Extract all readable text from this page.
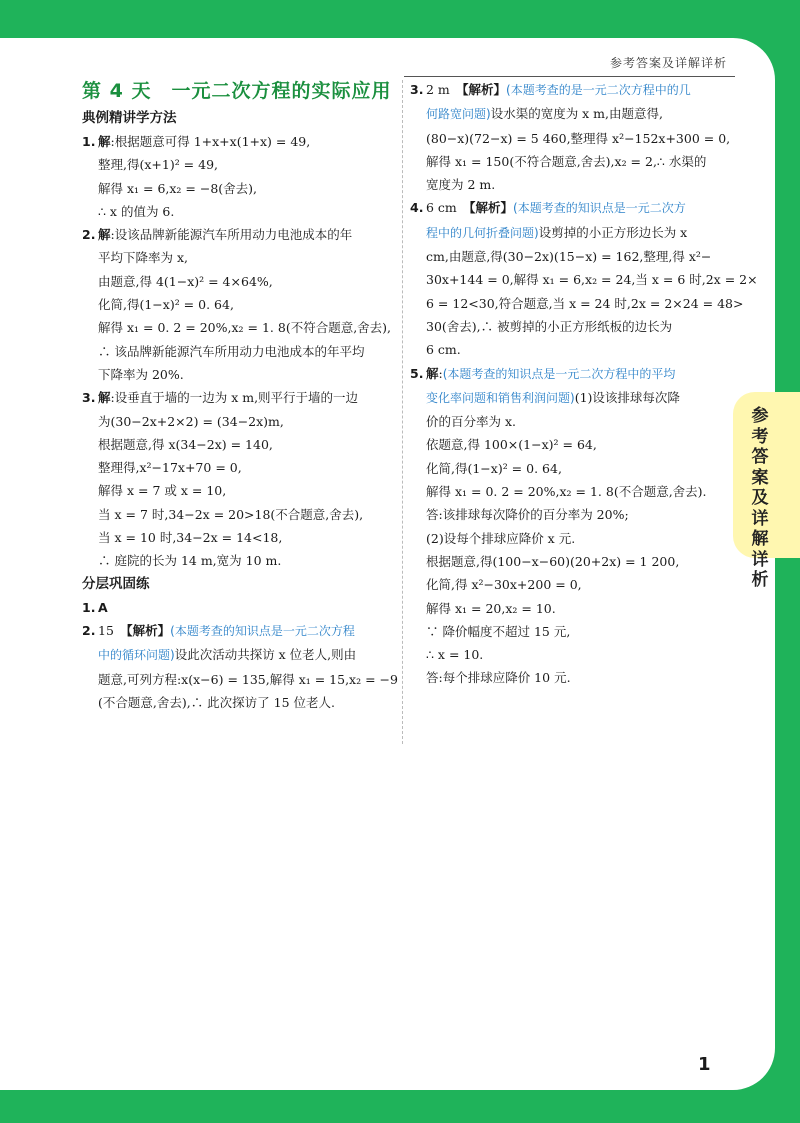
参考答案及详解详析
第 4 天　一元二次方程的实际应用
典例精讲学方法
1. 解:根据题意可得 1+x+x(1+x) = 49,
整理,得(x+1)² = 49,
解得 x₁ = 6,x₂ = −8(舍去),
∴ x 的值为 6.
2. 解:设该品牌新能源汽车所用动力电池成本的年
平均下降率为 x,
由题意,得 4(1−x)² = 4×64%,
化简,得(1−x)² = 0. 64,
解得 x₁ = 0. 2 = 20%,x₂ = 1. 8(不符合题意,舍去),
∴ 该品牌新能源汽车所用动力电池成本的年平均
下降率为 20%.
3. 解:设垂直于墙的一边为 x m,则平行于墙的一边
为(30−2x+2×2) = (34−2x)m,
根据题意,得 x(34−2x) = 140,
整理得,x²−17x+70 = 0,
解得 x = 7 或 x = 10,
当 x = 7 时,34−2x = 20>18(不合题意,舍去),
当 x = 10 时,34−2x = 14<18,
∴ 庭院的长为 14 m,宽为 10 m.
分层巩固练
1. A
2. 15　【解析】(本题考查的知识点是一元二次方程
中的循环问题)设此次活动共探访 x 位老人,则由
题意,可列方程:x(x−6) = 135,解得 x₁ = 15,x₂ = −9
(不合题意,舍去),∴ 此次探访了 15 位老人.
3. 2 m　【解析】(本题考查的是一元二次方程中的几
何路宽问题)设水渠的宽度为 x m,由题意得,
(80−x)(72−x) = 5 460,整理得 x²−152x+300 = 0,
解得 x₁ = 150(不符合题意,舍去),x₂ = 2,∴ 水渠的
宽度为 2 m.
4. 6 cm　【解析】(本题考查的知识点是一元二次方
程中的几何折叠问题)设剪掉的小正方形边长为 x
cm,由题意,得(30−2x)(15−x) = 162,整理,得 x²−
30x+144 = 0,解得 x₁ = 6,x₂ = 24,当 x = 6 时,2x = 2×
6 = 12<30,符合题意,当 x = 24 时,2x = 2×24 = 48>
30(舍去),∴ 被剪掉的小正方形纸板的边长为
6 cm.
5. 解:(本题考查的知识点是一元二次方程中的平均
变化率问题和销售利润问题)(1)设该排球每次降
价的百分率为 x.
依题意,得 100×(1−x)² = 64,
化简,得(1−x)² = 0. 64,
解得 x₁ = 0. 2 = 20%,x₂ = 1. 8(不合题意,舍去).
答:该排球每次降价的百分率为 20%;
(2)设每个排球应降价 x 元.
根据题意,得(100−x−60)(20+2x) = 1 200,
化简,得 x²−30x+200 = 0,
解得 x₁ = 20,x₂ = 10.
∵ 降价幅度不超过 15 元,
∴ x = 10.
答:每个排球应降价 10 元.
1
参考答案及详解详析
